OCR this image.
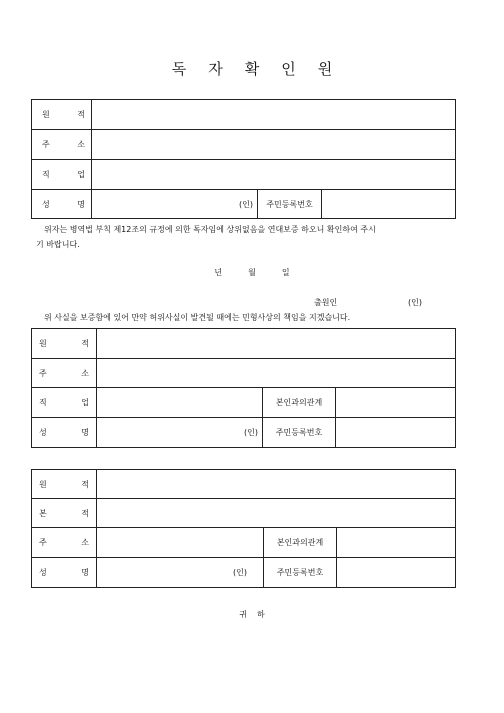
독 자 확 인 원
원 적			

주 소			

직 업			

성 명	(인)	주민등록번호	
위자는 병역법 부칙 제12조의 규정에 의한 독자임에 상위없음을 연대보증 하오니 확인하여 주시
기 바랍니다.
년	월	일
출원인	(인)
위 사실을 보증함에 있어 만약 허위사실이 발견될 때에는 민형사상의 책임을 지겠습니다.
원 적			

주 소			

직 업		본인과의관계	

성 명	(인)	주민등록번호	
원 적			

본 적			

주 소		본인과의관계	

성 명	(인)	주민등록번호	
귀 하
